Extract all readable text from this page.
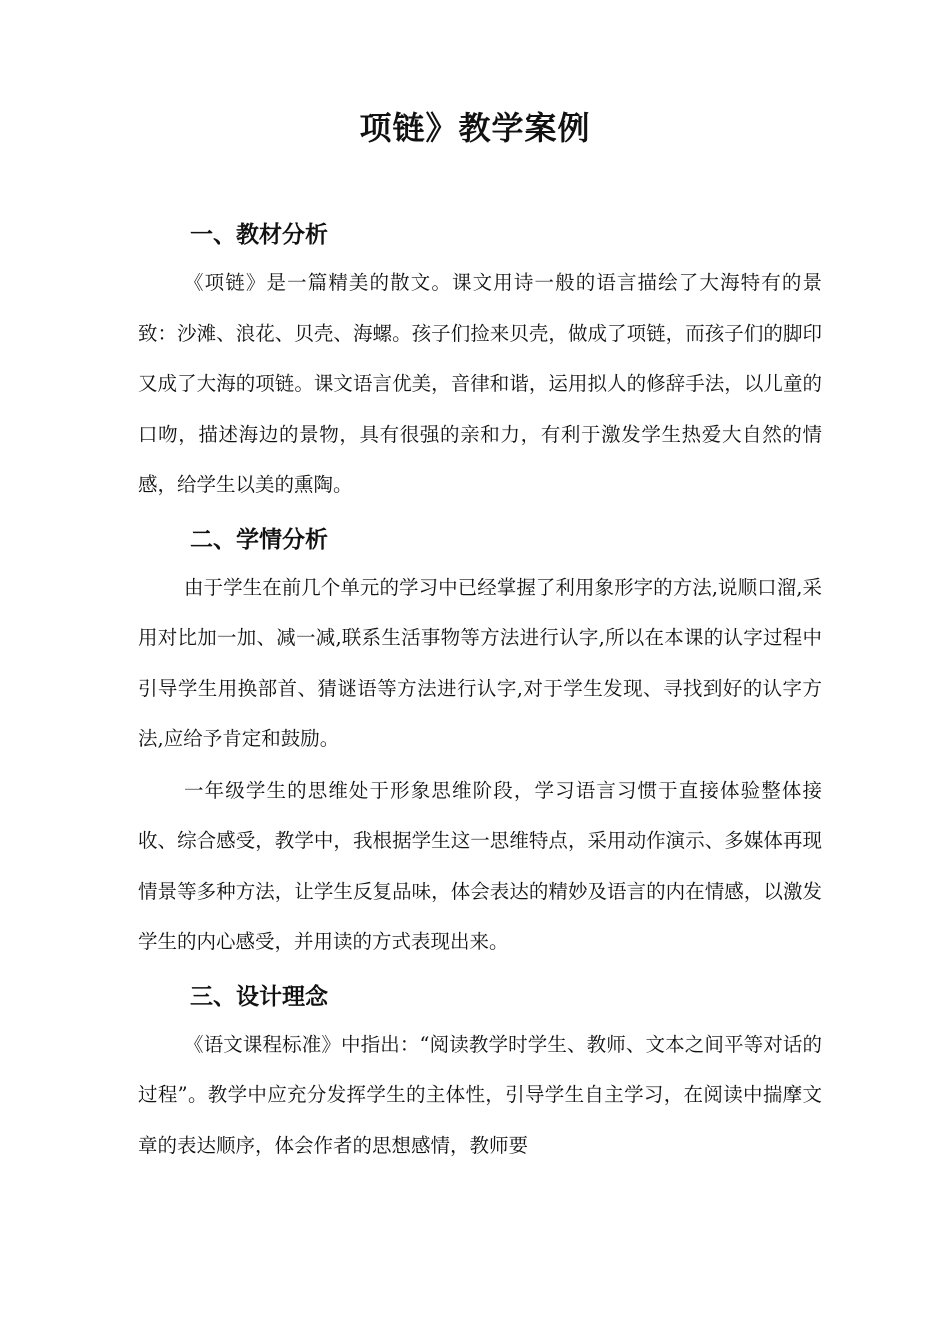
项链》教学案例
一、教材分析

《项链》是一篇精美的散文。课文用诗一般的语言描绘了大海特有的景致：沙滩、浪花、贝壳、海螺。孩子们捡来贝壳，做成了项链，而孩子们的脚印又成了大海的项链。课文语言优美，音律和谐，运用拟人的修辞手法，以儿童的口吻，描述海边的景物，具有很强的亲和力，有利于激发学生热爱大自然的情感，给学生以美的熏陶。

二、学情分析

由于学生在前几个单元的学习中已经掌握了利用象形字的方法,说顺口溜,采用对比加一加、减一减,联系生活事物等方法进行认字,所以在本课的认字过程中引导学生用换部首、猜谜语等方法进行认字,对于学生发现、寻找到好的认字方法,应给予肯定和鼓励。

一年级学生的思维处于形象思维阶段，学习语言习惯于直接体验整体接收、综合感受，教学中，我根据学生这一思维特点，采用动作演示、多媒体再现情景等多种方法，让学生反复品味，体会表达的精妙及语言的内在情感，以激发学生的内心感受，并用读的方式表现出来。

三、设计理念

《语文课程标准》中指出：“阅读教学时学生、教师、文本之间平等对话的过程”。教学中应充分发挥学生的主体性，引导学生自主学习，在阅读中揣摩文章的表达顺序，体会作者的思想感情，教师要
